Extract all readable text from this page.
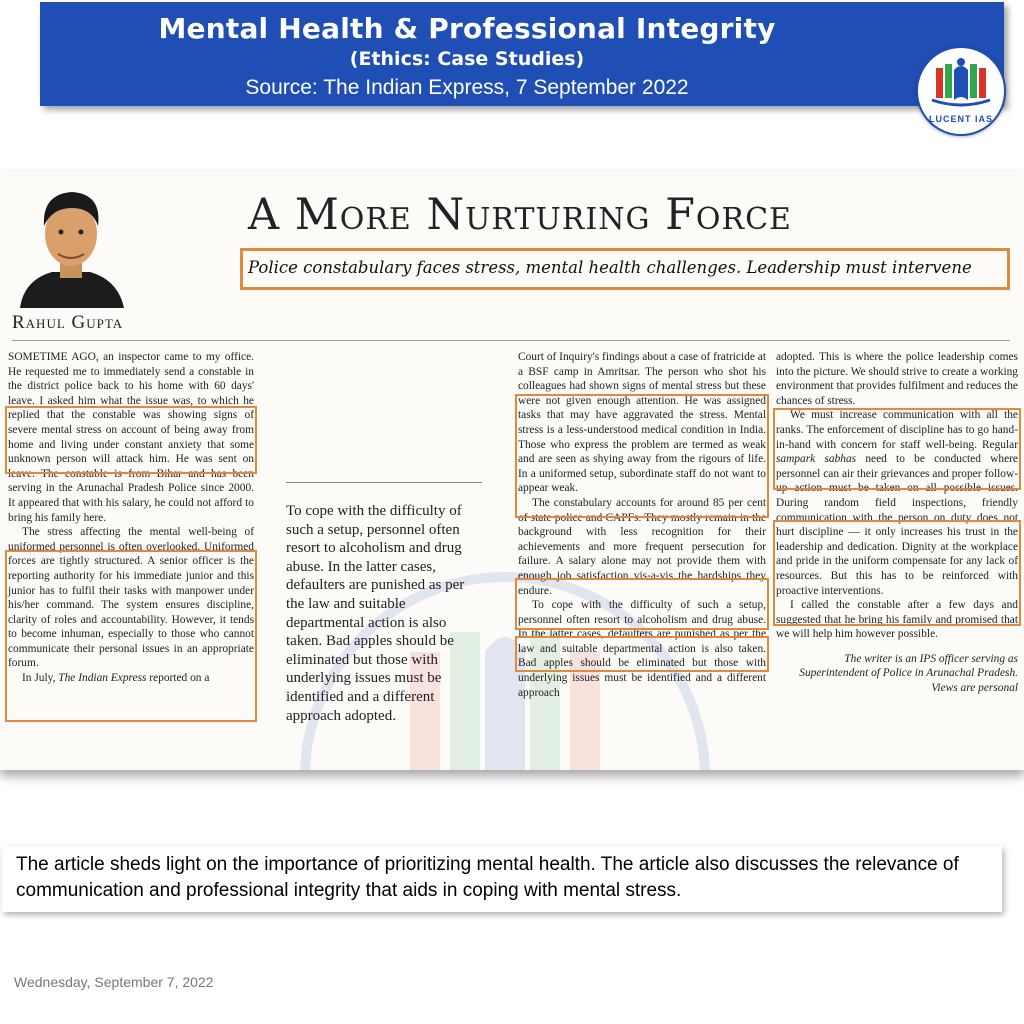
Mental Health & Professional Integrity
(Ethics: Case Studies)
Source: The Indian Express, 7 September 2022
LUCENT IAS
LUCENT IAS
A More Nurturing Force
Police constabulary faces stress, mental health challenges. Leadership must intervene
Rahul Gupta

SOMETIME AGO, an inspector came to my office. He requested me to immediately send a constable in the district police back to his home with 60 days' leave. I asked him what the issue was, to which he replied that the constable was showing signs of severe mental stress on account of being away from home and living under constant anxiety that some unknown person will attack him. He was sent on leave. The constable is from Bihar and has been serving in the Arunachal Pradesh Police since 2000. It appeared that with his salary, he could not afford to bring his family here.

The stress affecting the mental well-being of uniformed personnel is often overlooked. Uniformed forces are tightly structured. A senior officer is the reporting authority for his immediate junior and this junior has to fulfil their tasks with manpower under his/her command. The system ensures discipline, clarity of roles and accountability. However, it tends to become inhuman, especially to those who cannot communicate their personal issues in an appropriate forum.

In July, The Indian Express reported on a

To cope with the difficulty of such a setup, personnel often resort to alcoholism and drug abuse. In the latter cases, defaulters are punished as per the law and suitable departmental action is also taken. Bad apples should be eliminated but those with underlying issues must be identified and a different approach adopted.

Court of Inquiry's findings about a case of fratricide at a BSF camp in Amritsar. The person who shot his colleagues had shown signs of mental stress but these were not given enough attention. He was assigned tasks that may have aggravated the stress. Mental stress is a less-understood medical condition in India. Those who express the problem are termed as weak and are seen as shying away from the rigours of life. In a uniformed setup, subordinate staff do not want to appear weak.

The constabulary accounts for around 85 per cent of state police and CAPFs. They mostly remain in the background with less recognition for their achievements and more frequent persecution for failure. A salary alone may not provide them with enough job satisfaction vis-a-vis the hardships they endure.

To cope with the difficulty of such a setup, personnel often resort to alcoholism and drug abuse. In the latter cases, defaulters are punished as per the law and suitable departmental action is also taken. Bad apples should be eliminated but those with underlying issues must be identified and a different approach

adopted. This is where the police leadership comes into the picture. We should strive to create a working environment that provides fulfilment and reduces the chances of stress.

We must increase communication with all the ranks. The enforcement of discipline has to go hand-in-hand with concern for staff well-being. Regular sampark sabhas need to be conducted where personnel can air their grievances and proper follow-up action must be taken on all possible issues. During random field inspections, friendly communication with the person on duty does not hurt discipline — it only increases his trust in the leadership and dedication. Dignity at the workplace and pride in the uniform compensate for any lack of resources. But this has to be reinforced with proactive interventions.

I called the constable after a few days and suggested that he bring his family and promised that we will help him however possible.

The writer is an IPS officer serving as Superintendent of Police in Arunachal Pradesh. Views are personal

The article sheds light on the importance of prioritizing mental health. The article also discusses the relevance of communication and professional integrity that aids in coping with mental stress.
Wednesday, September 7, 2022
